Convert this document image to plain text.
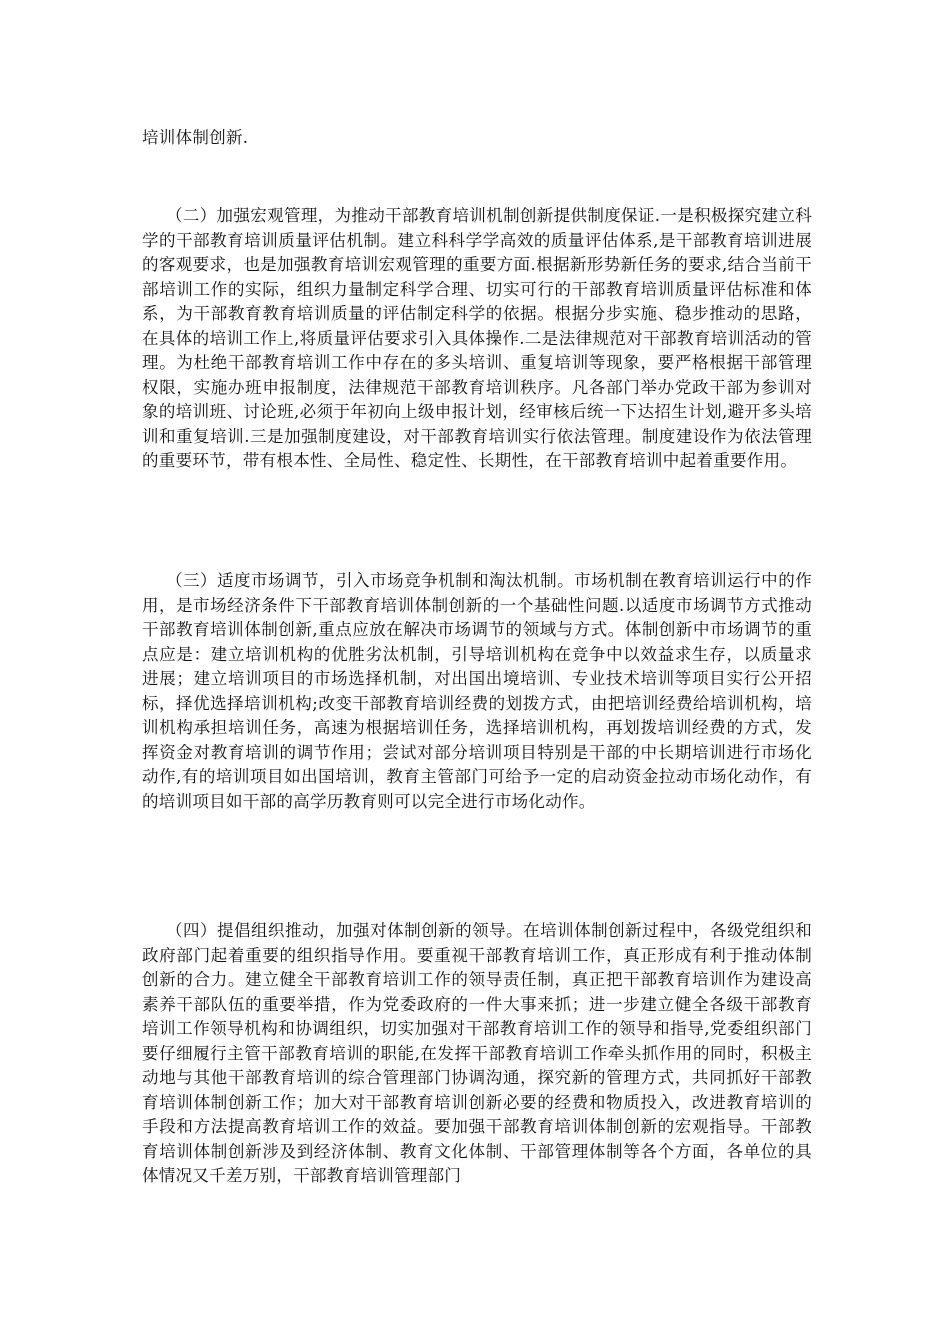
培训体制创新.

（二）加强宏观管理，为推动干部教育培训机制创新提供制度保证.一是积极探究建立科学的干部教育培训质量评估机制。建立科科学学高效的质量评估体系,是干部教育培训进展的客观要求，也是加强教育培训宏观管理的重要方面.根据新形势新任务的要求,结合当前干部培训工作的实际，组织力量制定科学合理、切实可行的干部教育培训质量评估标准和体系，为干部教育教育培训质量的评估制定科学的依据。根据分步实施、稳步推动的思路，在具体的培训工作上,将质量评估要求引入具体操作.二是法律规范对干部教育培训活动的管理。为杜绝干部教育培训工作中存在的多头培训、重复培训等现象，要严格根据干部管理权限，实施办班申报制度，法律规范干部教育培训秩序。凡各部门举办党政干部为参训对象的培训班、讨论班,必须于年初向上级申报计划，经审核后统一下达招生计划,避开多头培训和重复培训.三是加强制度建设，对干部教育培训实行依法管理。制度建设作为依法管理的重要环节，带有根本性、全局性、稳定性、长期性，在干部教育培训中起着重要作用。

（三）适度市场调节，引入市场竞争机制和淘汰机制。市场机制在教育培训运行中的作用，是市场经济条件下干部教育培训体制创新的一个基础性问题.以适度市场调节方式推动干部教育培训体制创新,重点应放在解决市场调节的领域与方式。体制创新中市场调节的重点应是：建立培训机构的优胜劣汰机制，引导培训机构在竞争中以效益求生存，以质量求进展；建立培训项目的市场选择机制，对出国出境培训、专业技术培训等项目实行公开招标，择优选择培训机构;改变干部教育培训经费的划拨方式，由把培训经费给培训机构，培训机构承担培训任务，高速为根据培训任务，选择培训机构，再划拨培训经费的方式，发挥资金对教育培训的调节作用；尝试对部分培训项目特别是干部的中长期培训进行市场化动作,有的培训项目如出国培训，教育主管部门可给予一定的启动资金拉动市场化动作，有的培训项目如干部的高学历教育则可以完全进行市场化动作。

（四）提倡组织推动，加强对体制创新的领导。在培训体制创新过程中，各级党组织和政府部门起着重要的组织指导作用。要重视干部教育培训工作，真正形成有利于推动体制创新的合力。建立健全干部教育培训工作的领导责任制，真正把干部教育培训作为建设高素养干部队伍的重要举措，作为党委政府的一件大事来抓；进一步建立健全各级干部教育培训工作领导机构和协调组织，切实加强对干部教育培训工作的领导和指导,党委组织部门要仔细履行主管干部教育培训的职能,在发挥干部教育培训工作牵头抓作用的同时，积极主动地与其他干部教育培训的综合管理部门协调沟通，探究新的管理方式，共同抓好干部教育培训体制创新工作；加大对干部教育培训创新必要的经费和物质投入，改进教育培训的手段和方法提高教育培训工作的效益。要加强干部教育培训体制创新的宏观指导。干部教育培训体制创新涉及到经济体制、教育文化体制、干部管理体制等各个方面，各单位的具体情况又千差万别，干部教育培训管理部门
